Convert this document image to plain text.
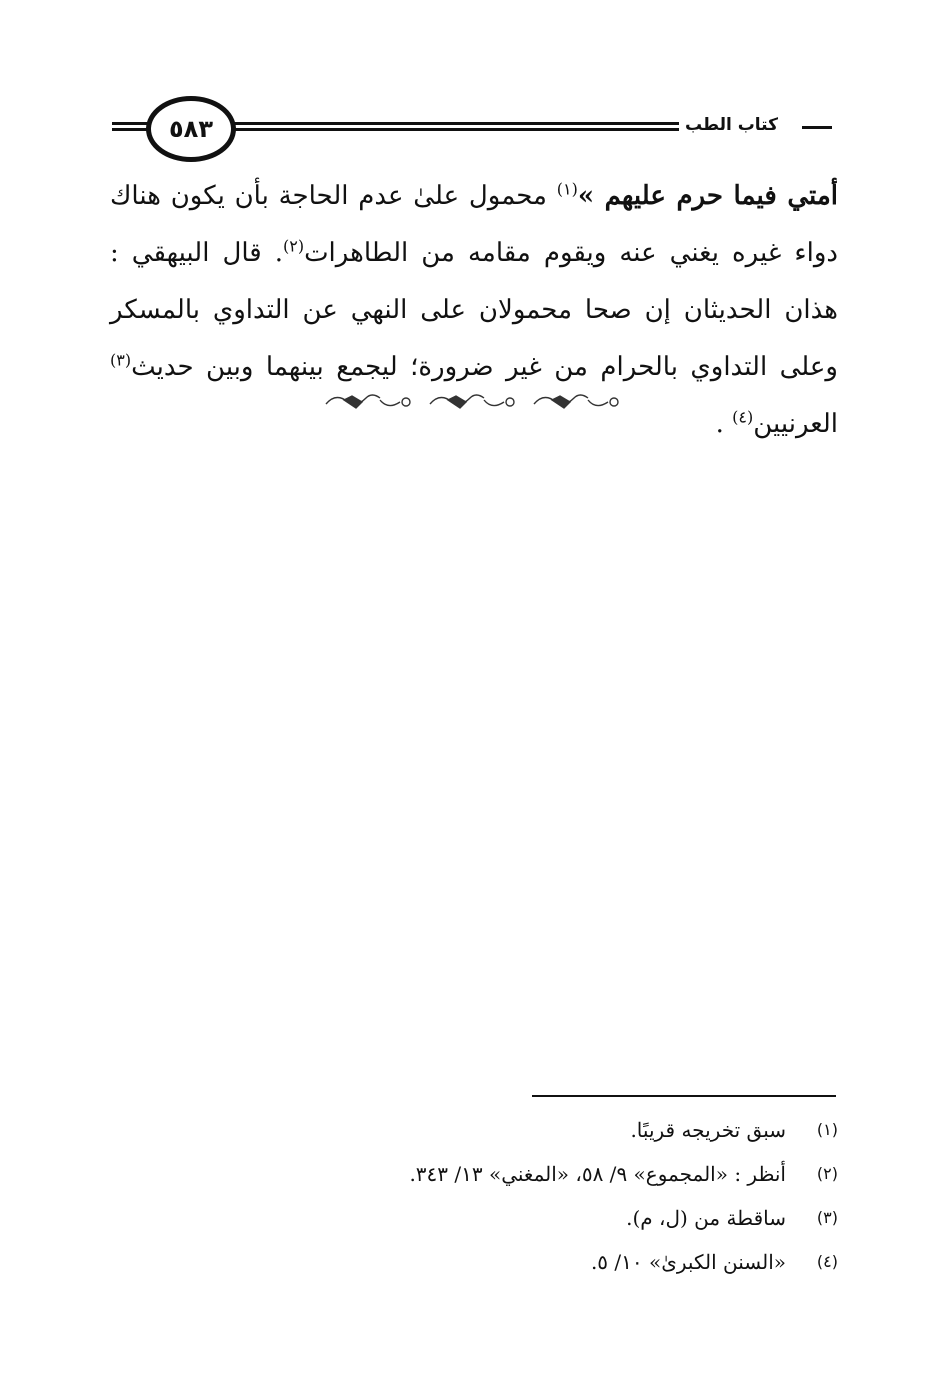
٥٨٣	كتاب الطب
أمتي فيما حرم عليهم »$^{(١)}$ محمول علىٰ عدم الحاجة بأن يكون هناك دواء غيره يغني عنه ويقوم مقامه من الطاهرات$^{(٢)}$. قال البيهقي : هذان الحديثان إن صحا محمولان على النهي عن التداوي بالمسكر وعلى التداوي بالحرام من غير ضرورة؛ ليجمع بينهما وبين حديث$^{(٣)}$ العرنيين$^{(٤)}$ .
(١)
سبق تخريجه قريبًا.
(٢)
أنظر : «المجموع» ٩/ ٥٨، «المغني» ١٣/ ٣٤٣.
(٣)
ساقطة من (ل، م).
(٤)
«السنن الكبرىٰ» ١٠/ ٥.
